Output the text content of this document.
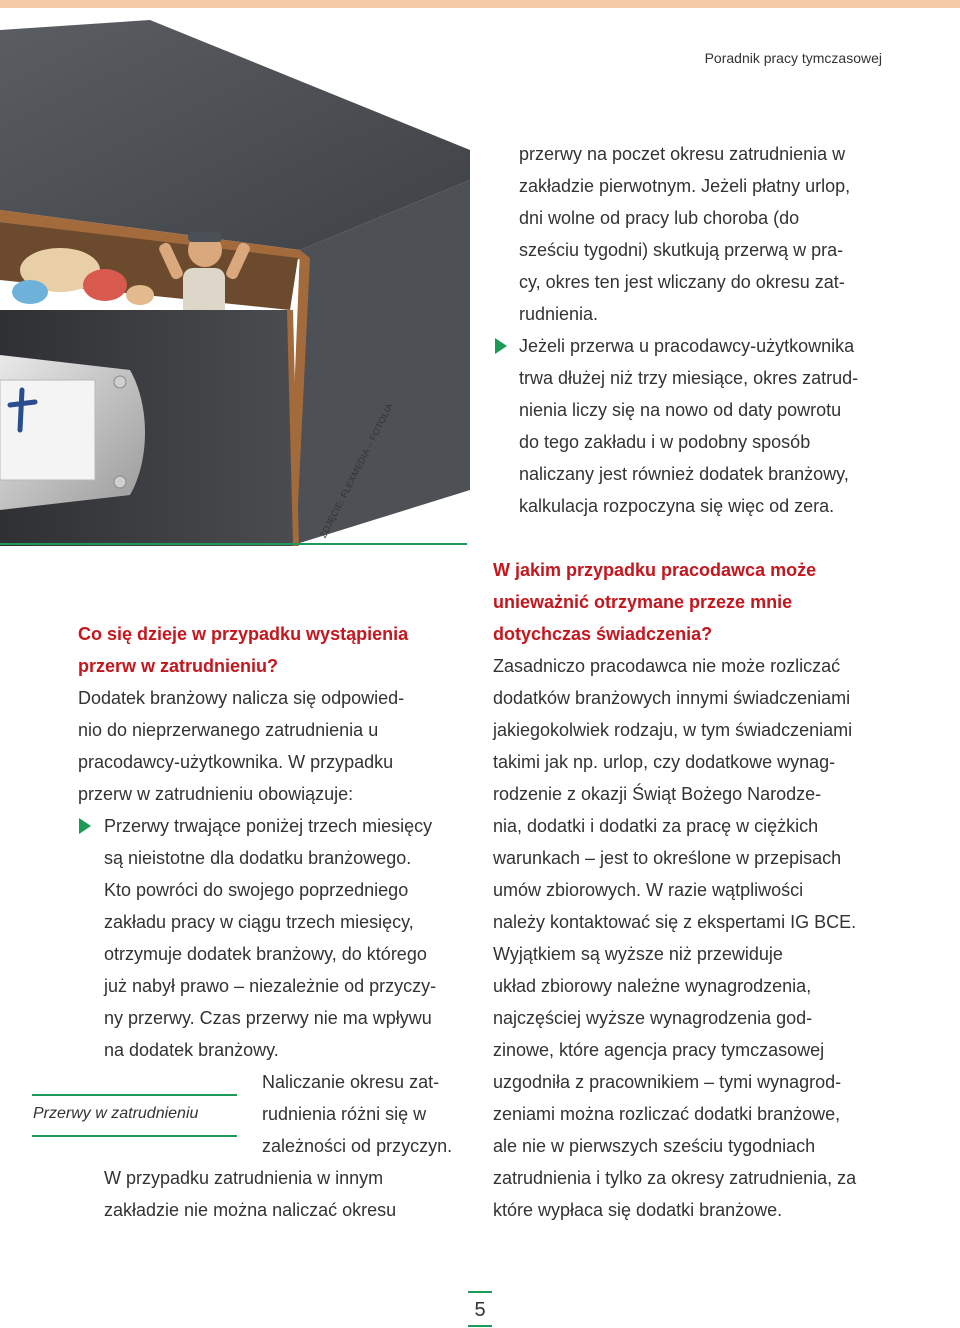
Poradnik pracy tymczasowej
ZDJĘCIE: FLEXMEDIA – FOTOLIA

przerwy na poczet okresu zatrudnienia w

zakładzie pierwotnym. Jeżeli płatny urlop,

dni wolne od pracy lub choroba (do

sześciu tygodni) skutkują przerwą w pra-

cy, okres ten jest wliczany do okresu zat-

rudnienia.

Jeżeli przerwa u pracodawcy-użytkownika

trwa dłużej niż trzy miesiące, okres zatrud-

nienia liczy się na nowo od daty powrotu

do tego zakładu i w podobny sposób

naliczany jest również dodatek branżowy,

kalkulacja rozpoczyna się więc od zera.

Co się dzieje w przypadku wystąpienia

przerw w zatrudnieniu?

Dodatek branżowy nalicza się odpowied-

nio do nieprzerwanego zatrudnienia u

pracodawcy-użytkownika. W przypadku

przerw w zatrudnieniu obowiązuje:

Przerwy trwające poniżej trzech miesięcy

są nieistotne dla dodatku branżowego.

Kto powróci do swojego poprzedniego

zakładu pracy w ciągu trzech miesięcy,

otrzymuje dodatek branżowy, do którego

już nabył prawo – niezależnie od przyczy-

ny przerwy. Czas przerwy nie ma wpływu

na dodatek branżowy.

Naliczanie okresu zat-

rudnienia różni się w

zależności od przyczyn.

W przypadku zatrudnienia w innym

zakładzie nie można naliczać okresu

Przerwy w zatrudnieniu

W jakim przypadku pracodawca może

unieważnić otrzymane przeze mnie

dotychczas świadczenia?

Zasadniczo pracodawca nie może rozliczać

dodatków branżowych innymi świadczeniami

jakiegokolwiek rodzaju, w tym świadczeniami

takimi jak np. urlop, czy dodatkowe wynag-

rodzenie z okazji Świąt Bożego Narodze-

nia, dodatki i dodatki za pracę w ciężkich

warunkach – jest to określone w przepisach

umów zbiorowych. W razie wątpliwości

należy kontaktować się z ekspertami IG BCE.

Wyjątkiem są wyższe niż przewiduje

układ zbiorowy należne wynagrodzenia,

najczęściej wyższe wynagrodzenia god-

zinowe, które agencja pracy tymczasowej

uzgodniła z pracownikiem – tymi wynagrod-

zeniami można rozliczać dodatki branżowe,

ale nie w pierwszych sześciu tygodniach

zatrudnienia i tylko za okresy zatrudnienia, za

które wypłaca się dodatki branżowe.

5
